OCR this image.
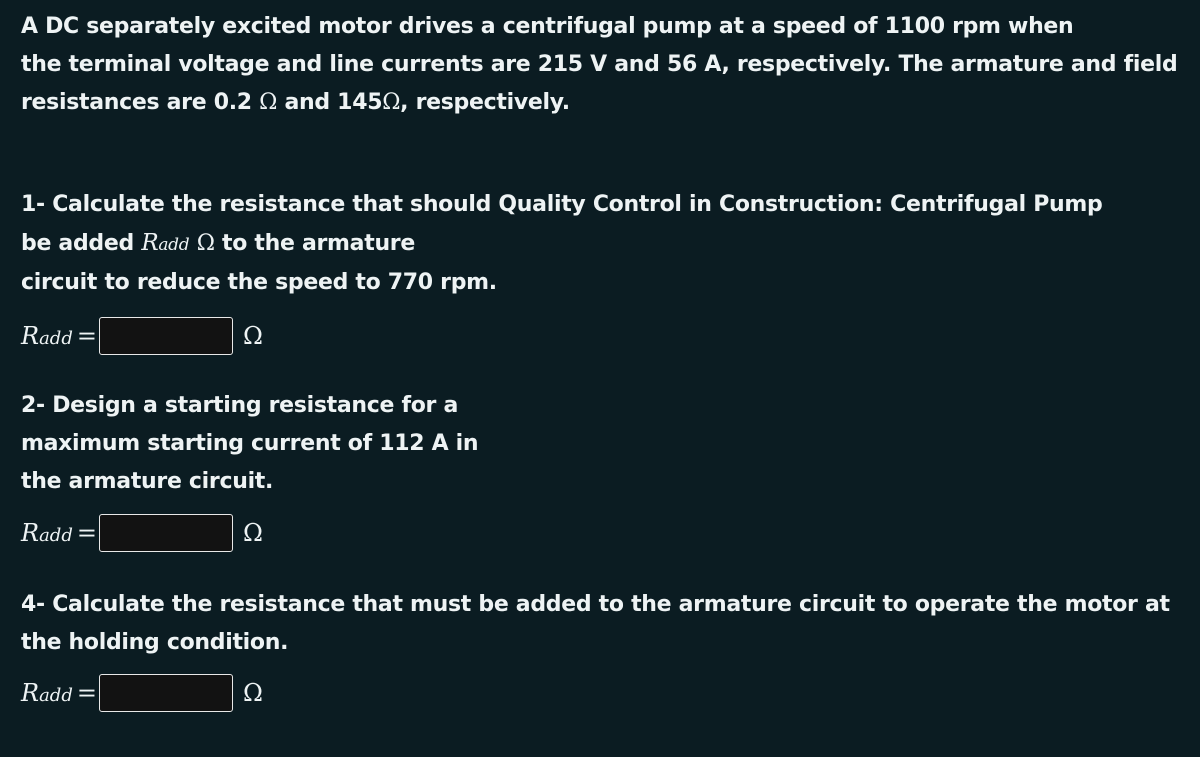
A DC separately excited motor drives a centrifugal pump at a speed of 1100 rpm when
the terminal voltage and line currents are 215 V and 56 A, respectively. The armature and field
resistances are 0.2 Ω and 145Ω, respectively.

1- Calculate the resistance that should Quality Control in Construction: Centrifugal Pump
be added Radd Ω to the armature
circuit to reduce the speed to 770 rpm.

Radd =	Ω

2- Design a starting resistance for a
maximum starting current of 112 A in
the armature circuit.

Radd =	Ω

4- Calculate the resistance that must be added to the armature circuit to operate the motor at
the holding condition.

Radd =	Ω
